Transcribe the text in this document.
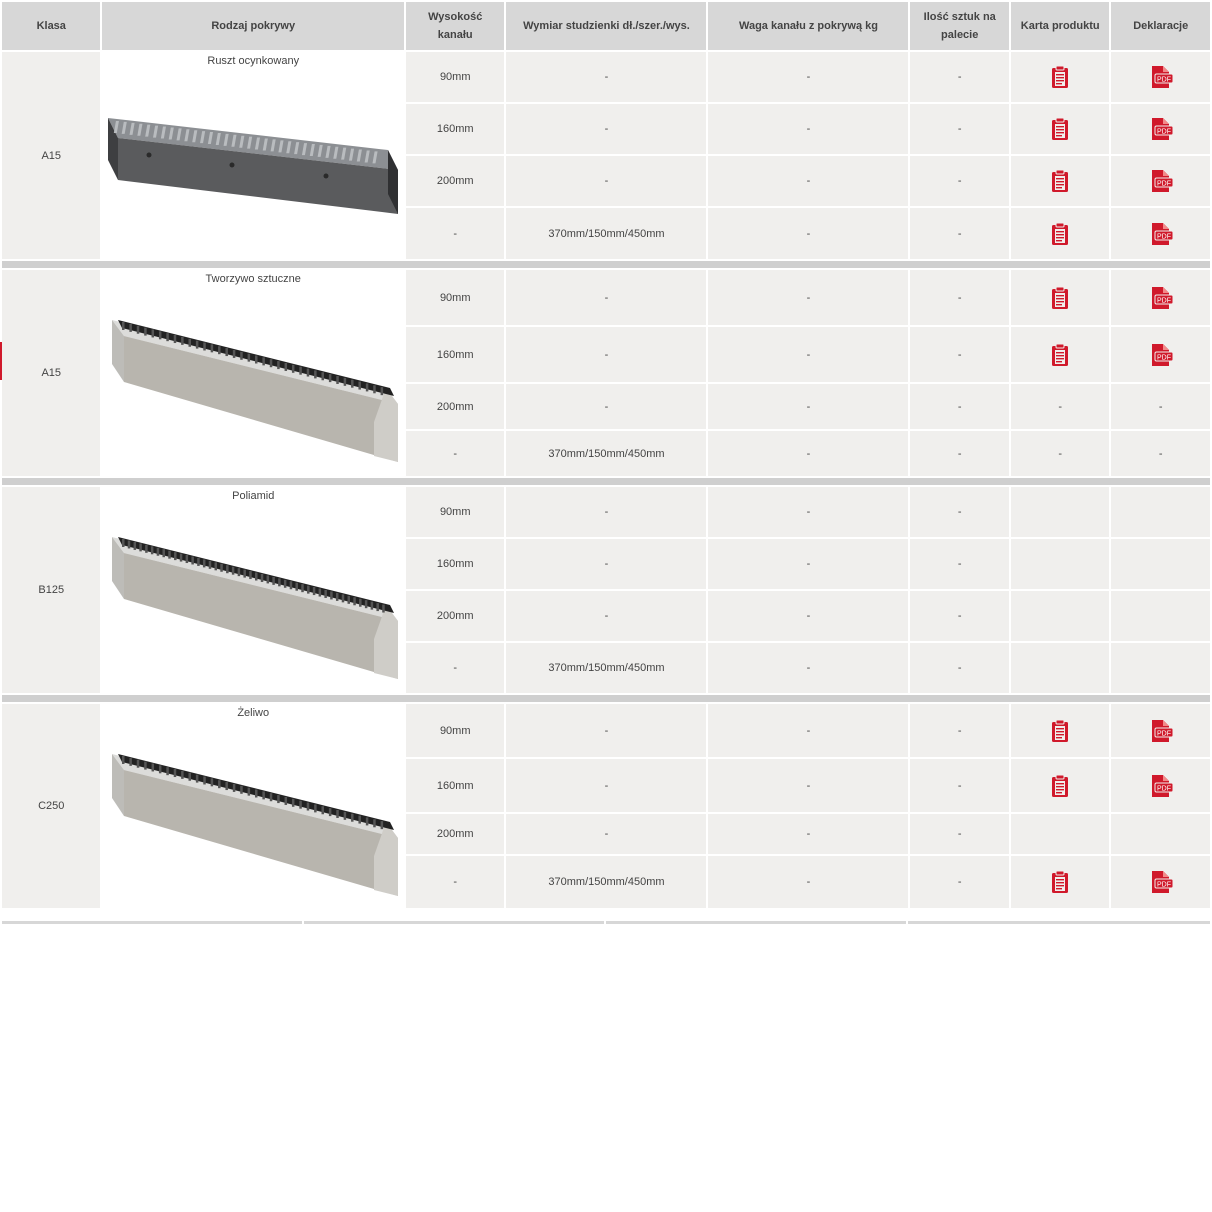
Klasa	Rodzaj pokrywy	Wysokość
kanału	Wymiar studzienki dł./szer./wys.	Waga kanału z pokrywą kg	Ilość sztuk na
palecie	Karta produktu	Deklaracje
A15	Ruszt ocynkowany	90mm	-	-	-		PDF

		160mm	-	-	-		PDF

		200mm	-	-	-		PDF

		-	370mm/150mm/450mm	-	-		PDF

A15	Tworzywo sztuczne	90mm	-	-	-		PDF

		160mm	-	-	-		PDF

		200mm	-	-	-	-	-
		-	370mm/150mm/450mm	-	-	-	-

B125	Poliamid	90mm	-	-	-		
		160mm	-	-	-		
		200mm	-	-	-		
		-	370mm/150mm/450mm	-	-		

C250	Żeliwo	90mm	-	-	-		PDF

		160mm	-	-	-		PDF

		200mm	-	-	-		
		-	370mm/150mm/450mm	-	-		PDF
